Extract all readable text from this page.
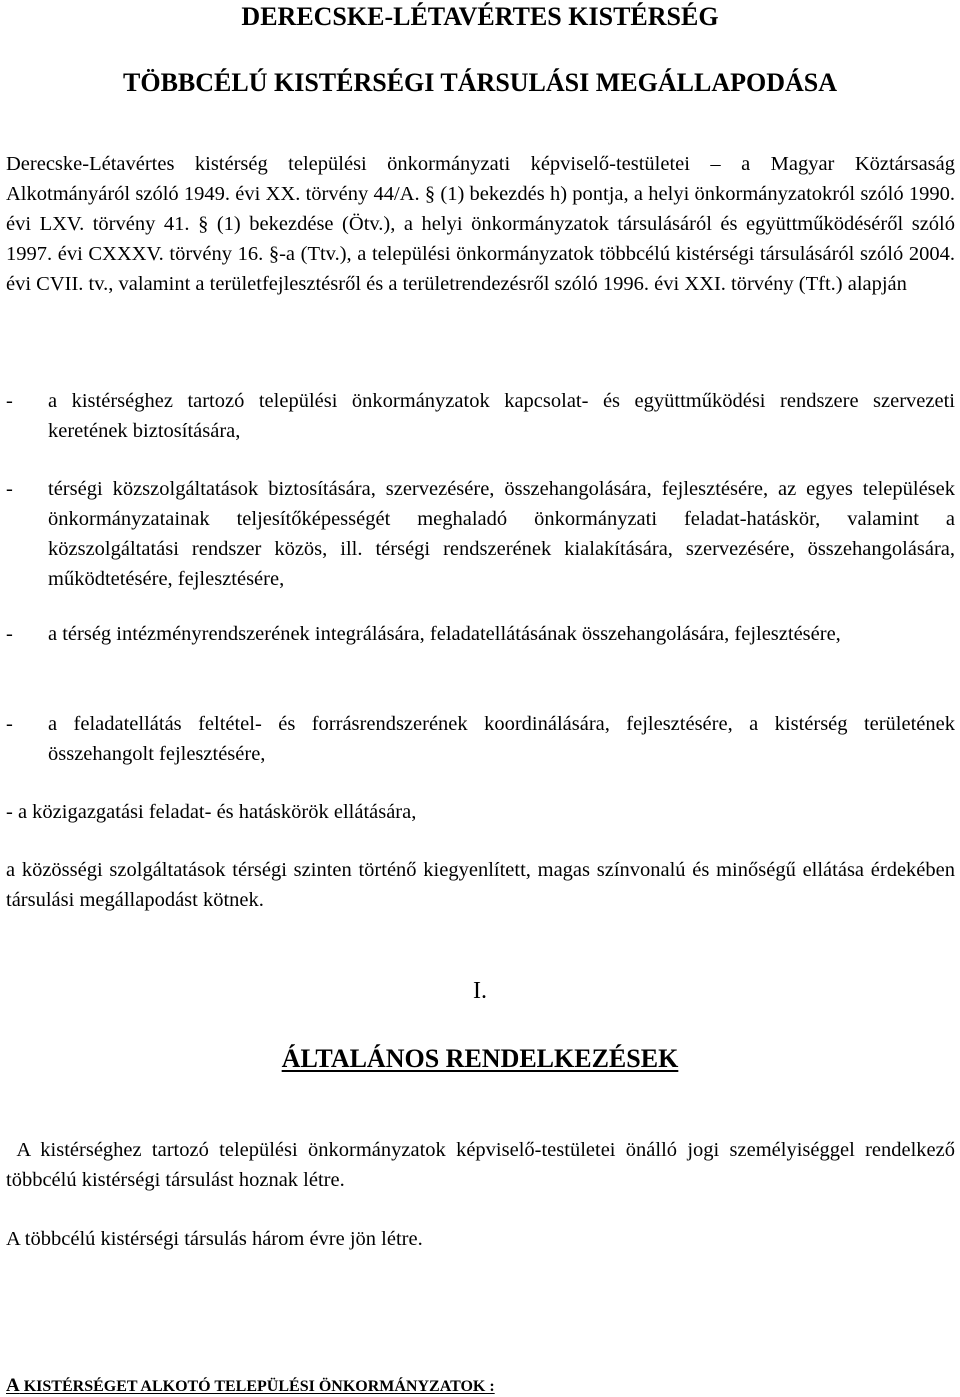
DERECSKE-LÉTAVÉRTES KISTÉRSÉG
TÖBBCÉLÚ KISTÉRSÉGI TÁRSULÁSI MEGÁLLAPODÁSA
Derecske-Létavértes kistérség települési önkormányzati képviselő-testületei – a Magyar Köztársaság Alkotmányáról szóló 1949. évi XX. törvény 44/A. § (1) bekezdés h) pontja, a helyi önkormányzatokról szóló 1990. évi LXV. törvény 41. § (1) bekezdése (Ötv.), a helyi önkormányzatok társulásáról és együttműködéséről szóló 1997. évi CXXXV. törvény 16. §-a (Ttv.), a települési önkormányzatok többcélú kistérségi társulásáról szóló 2004. évi CVII. tv., valamint a területfejlesztésről és a területrendezésről szóló 1996. évi XXI. törvény (Tft.) alapján
- a kistérséghez tartozó települési önkormányzatok kapcsolat- és együttműködési rendszere szervezeti keretének biztosítására,
- térségi közszolgáltatások biztosítására, szervezésére, összehangolására, fejlesztésére, az egyes települések önkormányzatainak teljesítőképességét meghaladó önkormányzati feladat-hatáskör, valamint a közszolgáltatási rendszer közös, ill. térségi rendszerének kialakítására, szervezésére, összehangolására, működtetésére, fejlesztésére,
- a térség intézményrendszerének integrálására, feladatellátásának összehangolására, fejlesztésére,
- a feladatellátás feltétel- és forrásrendszerének koordinálására, fejlesztésére, a kistérség területének összehangolt fejlesztésére,
- a közigazgatási feladat- és hatáskörök ellátására,
a közösségi szolgáltatások térségi szinten történő kiegyenlített, magas színvonalú és minőségű ellátása érdekében társulási megállapodást kötnek.
I.
ÁLTALÁNOS RENDELKEZÉSEK
A kistérséghez tartozó települési önkormányzatok képviselő-testületei önálló jogi személyiséggel rendelkező többcélú kistérségi társulást hoznak létre.
A többcélú kistérségi társulás három évre jön létre.
A KISTÉRSÉGET ALKOTÓ TELEPÜLÉSI ÖNKORMÁNYZATOK :
